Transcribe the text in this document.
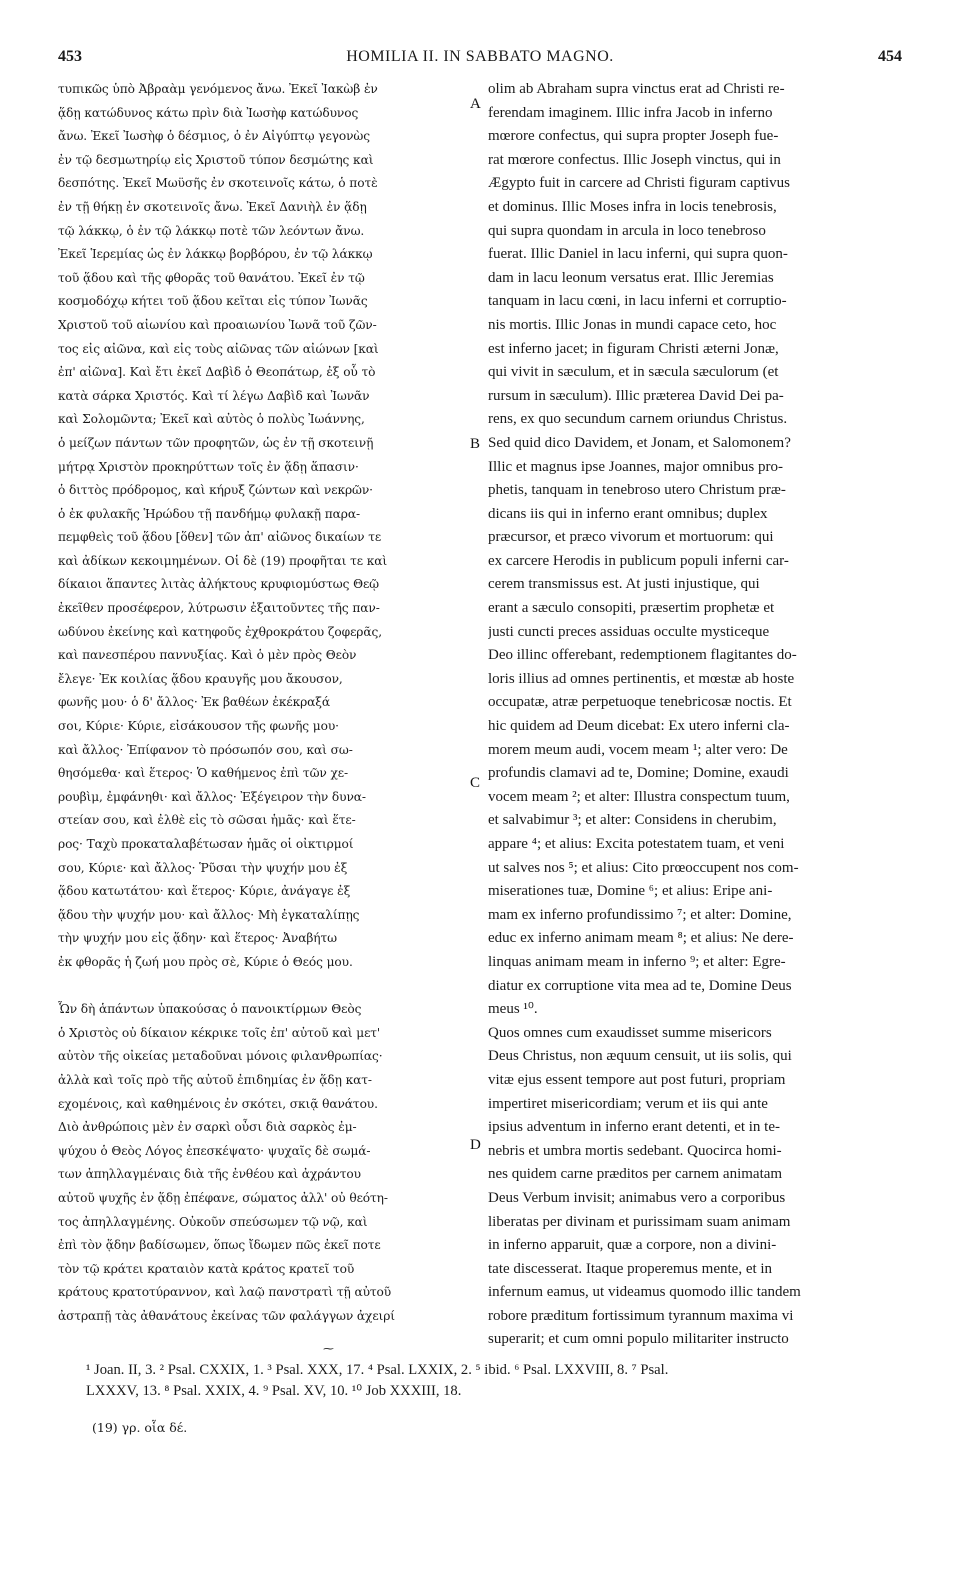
453	HOMILIA II. IN SABBATO MAGNO.	454
τυπικῶς ὑπὸ Ἀβραὰμ γενόμενος ἄνω. Ἐκεῖ Ἰακὼβ ἐν
ᾅδῃ κατώδυνος κάτω πρὶν διὰ Ἰωσὴφ κατώδυνος
ἄνω. Ἐκεῖ Ἰωσὴφ ὁ δέσμιος, ὁ ἐν Αἰγύπτῳ γεγονὼς
ἐν τῷ δεσμωτηρίῳ εἰς Χριστοῦ τύπον δεσμώτης καὶ
δεσπότης. Ἐκεῖ Μωϋσῆς ἐν σκοτεινοῖς κάτω, ὁ ποτὲ
ἐν τῇ θήκῃ ἐν σκοτεινοῖς ἄνω. Ἐκεῖ Δανιὴλ ἐν ᾅδῃ
τῷ λάκκῳ, ὁ ἐν τῷ λάκκῳ ποτὲ τῶν λεόντων ἄνω.
Ἐκεῖ Ἱερεμίας ὡς ἐν λάκκῳ βορβόρου, ἐν τῷ λάκκῳ
τοῦ ᾅδου καὶ τῆς φθορᾶς τοῦ θανάτου. Ἐκεῖ ἐν τῷ
κοσμοδόχῳ κήτει τοῦ ᾅδου κεῖται εἰς τύπον Ἰωνᾶς
Χριστοῦ τοῦ αἰωνίου καὶ προαιωνίου Ἰωνᾶ τοῦ ζῶν-
τος εἰς αἰῶνα, καὶ εἰς τοὺς αἰῶνας τῶν αἰώνων [καὶ
ἐπ' αἰῶνα]. Καὶ ἔτι ἐκεῖ Δαβὶδ ὁ Θεοπάτωρ, ἐξ οὗ τὸ
κατὰ σάρκα Χριστός. Καὶ τί λέγω Δαβὶδ καὶ Ἰωνᾶν
καὶ Σολομῶντα; Ἐκεῖ καὶ αὐτὸς ὁ πολὺς Ἰωάννης,
ὁ μείζων πάντων τῶν προφητῶν, ὡς ἐν τῇ σκοτεινῇ
μήτρᾳ Χριστὸν προκηρύττων τοῖς ἐν ᾅδῃ ἅπασιν·
ὁ διττὸς πρόδρομος, καὶ κήρυξ ζώντων καὶ νεκρῶν·
ὁ ἐκ φυλακῆς Ἡρώδου τῇ πανδήμῳ φυλακῇ παρα-
πεμφθεὶς τοῦ ᾅδου [ὅθεν] τῶν ἀπ' αἰῶνος δικαίων τε
καὶ ἀδίκων κεκοιμημένων. Οἱ δὲ (19) προφῆται τε καὶ
δίκαιοι ἅπαντες λιτὰς ἀλήκτους κρυφιομύστως Θεῷ
ἐκεῖθεν προσέφερον, λύτρωσιν ἐξαιτοῦντες τῆς παν-
ωδύνου ἐκείνης καὶ κατηφοῦς ἐχθροκράτου ζοφερᾶς,
καὶ πανεσπέρου παννυξίας. Καὶ ὁ μὲν πρὸς Θεὸν
ἔλεγε· Ἐκ κοιλίας ᾅδου κραυγῆς μου ἄκουσον,
φωνῆς μου· ὁ δ' ἄλλος· Ἐκ βαθέων ἐκέκραξά
σοι, Κύριε· Κύριε, εἰσάκουσον τῆς φωνῆς μου·
καὶ ἄλλος· Ἐπίφανον τὸ πρόσωπόν σου, καὶ σω-
θησόμεθα· καὶ ἕτερος· Ὁ καθήμενος ἐπὶ τῶν χε-
ρουβὶμ, ἐμφάνηθι· καὶ ἄλλος· Ἐξέγειρον τὴν δυνα-
στείαν σου, καὶ ἐλθὲ εἰς τὸ σῶσαι ἡμᾶς· καὶ ἕτε-
ρος· Ταχὺ προκαταλαβέτωσαν ἡμᾶς οἱ οἰκτιρμοί
σου, Κύριε· καὶ ἄλλος· Ῥῦσαι τὴν ψυχήν μου ἐξ
ᾅδου κατωτάτου· καὶ ἕτερος· Κύριε, ἀνάγαγε ἐξ
ᾅδου τὴν ψυχήν μου· καὶ ἄλλος· Μὴ ἐγκαταλίπῃς
τὴν ψυχήν μου εἰς ᾅδην· καὶ ἕτερος· Ἀναβήτω
ἐκ φθορᾶς ἡ ζωή μου πρὸς σὲ, Κύριε ὁ Θεός μου.
Ὧν δὴ ἁπάντων ὑπακούσας ὁ πανοικτίρμων Θεὸς
ὁ Χριστὸς οὐ δίκαιον κέκρικε τοῖς ἐπ' αὐτοῦ καὶ μετ'
αὐτὸν τῆς οἰκείας μεταδοῦναι μόνοις φιλανθρωπίας·
ἀλλὰ καὶ τοῖς πρὸ τῆς αὐτοῦ ἐπιδημίας ἐν ᾅδῃ κατ-
εχομένοις, καὶ καθημένοις ἐν σκότει, σκιᾷ θανάτου.
Διὸ ἀνθρώποις μὲν ἐν σαρκὶ οὖσι διὰ σαρκὸς ἐμ-
ψύχου ὁ Θεὸς Λόγος ἐπεσκέψατο· ψυχαῖς δὲ σωμά-
των ἀπηλλαγμέναις διὰ τῆς ἐνθέου καὶ ἀχράντου
αὐτοῦ ψυχῆς ἐν ᾅδῃ ἐπέφανε, σώματος ἀλλ' οὐ θεότη-
τος ἀπηλλαγμένης. Οὐκοῦν σπεύσωμεν τῷ νῷ, καὶ
ἐπὶ τὸν ᾅδην βαδίσωμεν, ὅπως ἴδωμεν πῶς ἐκεῖ ποτε
τὸν τῷ κράτει κραταιὸν κατὰ κράτος κρατεῖ τοῦ
κράτους κρατοτύραννον, καὶ λαῷ πανστρατὶ τῇ αὐτοῦ
ἀστραπῇ τὰς ἀθανάτους ἐκείνας τῶν φαλάγγων ἀχειρί
olim ab Abraham supra vinctus erat ad Christi re-
ferendam imaginem. Illic infra Jacob in inferno
mœrore confectus, qui supra propter Joseph fue-
rat mœrore confectus. Illic Joseph vinctus, qui in
Ægypto fuit in carcere ad Christi figuram captivus
et dominus. Illic Moses infra in locis tenebrosis,
qui supra quondam in arcula in loco tenebroso
fuerat. Illic Daniel in lacu inferni, qui supra quon-
dam in lacu leonum versatus erat. Illic Jeremias
tanquam in lacu cœni, in lacu inferni et corruptio-
nis mortis. Illic Jonas in mundi capace ceto, hoc
est inferno jacet; in figuram Christi æterni Jonæ,
qui vivit in sæculum, et in sæcula sæculorum (et
rursum in sæculum). Illic præterea David Dei pa-
rens, ex quo secundum carnem oriundus Christus.
Sed quid dico Davidem, et Jonam, et Salomonem?
Illic et magnus ipse Joannes, major omnibus pro-
phetis, tanquam in tenebroso utero Christum præ-
dicans iis qui in inferno erant omnibus; duplex
præcursor, et præco vivorum et mortuorum: qui
ex carcere Herodis in publicum populi inferni car-
cerem transmissus est. At justi injustique, qui
erant a sæculo consopiti, præsertim prophetæ et
justi cuncti preces assiduas occulte mysticeque
Deo illinc offerebant, redemptionem flagitantes do-
loris illius ad omnes pertinentis, et mœstæ ab hoste
occupatæ, atræ perpetuoque tenebricosæ noctis. Et
hic quidem ad Deum dicebat: Ex utero inferni cla-
morem meum audi, vocem meam ¹; alter vero: De
profundis clamavi ad te, Domine; Domine, exaudi
vocem meam ²; et alter: Illustra conspectum tuum,
et salvabimur ³; et alter: Considens in cherubim,
appare ⁴; et alius: Excita potestatem tuam, et veni
ut salves nos ⁵; et alius: Cito prœoccupent nos com-
miserationes tuæ, Domine ⁶; et alius: Eripe ani-
mam ex inferno profundissimo ⁷; et alter: Domine,
educ ex inferno animam meam ⁸; et alius: Ne dere-
linquas animam meam in inferno ⁹; et alter: Egre-
diatur ex corruptione vita mea ad te, Domine Deus
meus ¹⁰.
Quos omnes cum exaudisset summe misericors
Deus Christus, non æquum censuit, ut iis solis, qui
vitæ ejus essent tempore aut post futuri, propriam
impertiret misericordiam; verum et iis qui ante
ipsius adventum in inferno erant detenti, et in te-
nebris et umbra mortis sedebant. Quocirca homi-
nes quidem carne præditos per carnem animatam
Deus Verbum invisit; animabus vero a corporibus
liberatas per divinam et purissimam suam animam
in inferno apparuit, quæ a corpore, non a divini-
tate discesserat. Itaque properemus mente, et in
infernum eamus, ut videamus quomodo illic tandem
robore præditum fortissimum tyrannum maxima vi
superarit; et cum omni populo militariter instructo
A
B
C
D
⁓
¹ Joan. II, 3. ² Psal. CXXIX, 1. ³ Psal. XXX, 17. ⁴ Psal. LXXIX, 2. ⁵ ibid. ⁶ Psal. LXXVIII, 8. ⁷ Psal.
LXXXV, 13. ⁸ Psal. XXIX, 4. ⁹ Psal. XV, 10. ¹⁰ Job XXXIII, 18.
(19) γρ. οἷα δέ.
